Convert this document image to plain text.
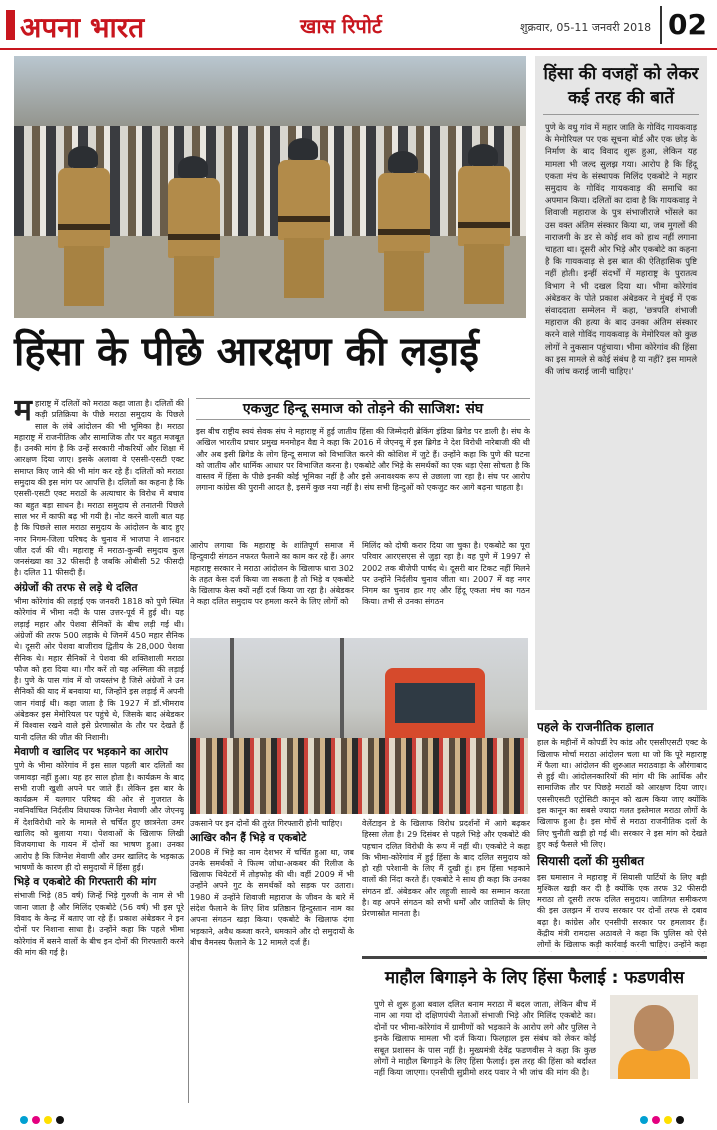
अपना भारत	खास रिपोर्ट	शुक्रवार, 05-11 जनवरी 2018 02
हिंसा की वजहों को लेकर कई तरह की बातें

पुणे के वधु गांव में महार जाति के गोविंद गायकवाड़ के मेमोरियल पर एक सूचना बोर्ड और एक छोड़ के निर्माण के बाद विवाद शुरू हुआ, लेकिन यह मामला भी जल्द सुलझ गया। आरोप है कि हिंदू एकता मंच के संस्थापक मिलिंद एकबोटे ने महार समुदाय के गोविंद गायकवाड़ की समाधि का अपमान किया। दलितों का दावा है कि गायकवाड़ ने शिवाजी महाराज के पुत्र संभाजीराजे भोंसले का उस वक्त अंतिम संस्कार किया था, जब मुगलों की नाराजगी के डर से कोई शव को हाथ नहीं लगाना चाहता था। दूसरी ओर भिड़े और एकबोटे का कहना है कि गायकवाड़ से इस बात की ऐतिहासिक पुष्टि नहीं होती। इन्हीं संदर्भों में महाराष्ट्र के पुरातत्व विभाग ने भी दखल दिया था। भीमा कोरेगांव अंबेडकर के पोते प्रकाश अंबेडकर ने मुंबई में एक संवाददाता सम्मेलन में कहा, 'छत्रपति शंभाजी महाराज की हत्या के बाद उनका अंतिम संस्कार करने वाले गोविंद गायकवाड़ के मेमोरियल को कुछ लोगों ने नुकसान पहुंचाया। भीमा कोरेगांव की हिंसा का इस मामले से कोई संबंध है या नहीं? इस मामले की जांच कराई जानी चाहिए।'

हिंसा के पीछे आरक्षण की लड़ाई
म हाराष्ट्र में दलितों को मराठा कहा जाता है। दलितों की कड़ी प्रतिक्रिया के पीछे मराठा समुदाय के पिछले साल के लंबे आंदोलन की भी भूमिका है। मराठा महाराष्ट्र में राजनीतिक और सामाजिक तौर पर बहुत मजबूत हैं। उनकी मांग है कि उन्हें सरकारी नौकरियों और शिक्षा में आरक्षण दिया जाए। इसके अलावा वे एससी-एसटी एक्ट समाप्त किए जाने की भी मांग कर रहे हैं। दलितों को मराठा समुदाय की इस मांग पर आपत्ति है। दलितों का कहना है कि एससी-एसटी एक्ट मराठों के अत्याचार के विरोध में बचाव का बहुत बड़ा साधन है। मराठा समुदाय से तनातनी पिछले साल भर में काफी बढ़ भी गयी है। नोट करने वाली बात यह है कि पिछले साल मराठा समुदाय के आंदोलन के बाद हुए नगर निगम-जिला परिषद के चुनाव में भाजपा ने शानदार जीत दर्ज की थी। महाराष्ट्र में मराठा-कुन्बी समुदाय कुल जनसंख्या का 32 फीसदी है जबकि ओबीसी 52 फीसदी है। दलित 11 फीसदी हैं।
अंग्रेजों की तरफ से लड़े थे दलित
भीमा कोरेगांव की लड़ाई एक जनवरी 1818 को पुणे स्थित कोरेगांव में भीमा नदी के पास उत्तर-पूर्व में हुई थी। यह लड़ाई महार और पेशवा सैनिकों के बीच लड़ी गई थी। अंग्रेजों की तरफ 500 लड़ाके थे जिनमें 450 महार सैनिक थे। दूसरी ओर पेशवा बाजीराव द्वितीय के 28,000 पेशवा सैनिक थे। महार सैनिकों ने पेशवा की शक्तिशाली मराठा फौज को हरा दिया था। गौर करें तो यह अस्मिता की लड़ाई है। पुणे के पास गांव में वो जयस्तंभ है जिसे अंग्रेजों ने उन सैनिकों की याद में बनवाया था, जिन्होंने इस लड़ाई में अपनी जान गंवाई थी। कहा जाता है कि 1927 में डॉ.भीमराव अंबेडकर इस मेमोरियल पर पहुंचे थे, जिसके बाद अंबेडकर में विश्वास रखने वाले इसे प्रेरणास्रोत के तौर पर देखते हैं यानी दलित की जीत की निशानी।
मेवाणी व खालिद पर भड़काने का आरोप
पुणे के भीमा कोरेगांव में इस साल पहली बार दलितों का जमावड़ा नहीं हुआ। यह हर साल होता है। कार्यक्रम के बाद सभी राजी खुशी अपने घर जाते हैं। लेकिन इस बार के कार्यक्रम में यलगार परिषद की ओर से गुजरात के नवनिर्वाचित निर्दलीय विधायक जिग्नेश मेवाणी और जेएनयू में देशविरोधी नारे के मामले से चर्चित हुए छात्रनेता उमर खालिद को बुलाया गया। पेशवाओं के खिलाफ लिखी विजयगाथा के गायन में दोनों का भाषण हुआ। उनका आरोप है कि जिग्नेश मेवाणी और उमर खालिद के भड़काऊ भाषणों के कारण ही दो समुदायों में हिंसा हुई।
भिड़े व एकबोटे की गिरफ्तारी की मांग
संभाजी भिड़े (85 वर्ष) जिन्हें भिड़े गुरुजी के नाम से भी जाना जाता है और मिलिंद एकबोटे (56 वर्ष) भी इस पूरे विवाद के केन्द्र में बताए जा रहे हैं। प्रकाश अंबेडकर ने इन दोनों पर निशाना साधा है। उन्होंने कहा कि पहले भीमा कोरेगांव में बसने वालों के बीच इन दोनों की गिरफ्तारी करने की मांग की गई है।
एकजुट हिन्दू समाज को तोड़ने की साजिश: संघ
इस बीच राष्ट्रीय स्वयं सेवक संघ ने महाराष्ट्र में हुई जातीय हिंसा की जिम्मेदारी ब्रेकिंग इंडिया ब्रिगेड पर डाली है। संघ के अखिल भारतीय प्रचार प्रमुख मनमोहन वैद्य ने कहा कि 2016 में जेएनयू में इस ब्रिगेड ने देश विरोधी नारेबाजी की थी और अब इसी ब्रिगेड के लोग हिन्दू समाज को विभाजित करने की कोशिश में जुटे हैं। उन्होंने कहा कि पुणे की घटना को जातीय और धार्मिक आधार पर विभाजित करना है। एकबोटे और भिड़े के समर्थकों का एक धड़ा ऐसा सोचता है कि वास्तव में हिंसा के पीछे इनकी कोई भूमिका नहीं है और इसे अनावश्यक रूप से उछाला जा रहा है। संघ पर आरोप लगाना कांग्रेस की पुरानी आदत है, इसमें कुछ नया नहीं है। संघ सभी हिन्दुओं को एकजुट कर आगे बढ़ना चाहता है।
आरोप लगाया कि महाराष्ट्र के शांतिपूर्ण समाज में हिन्दुवादी संगठन नफरत फैलाने का काम कर रहे हैं। अगर महाराष्ट्र सरकार ने मराठा आंदोलन के खिलाफ धारा 302 के तहत केस दर्ज किया जा सकता है तो भिड़े व एकबोटे के खिलाफ केस क्यों नहीं दर्ज किया जा रहा है। अंबेडकर ने कहा दलित समुदाय पर हमला करने के लिए लोगों को
मिलिंद को दोषी करार दिया जा चुका है। एकबोटे का पूरा परिवार आरएसएस से जुड़ा रहा है। वह पुणे में 1997 से 2002 तक बीजेपी पार्षद थे। दूसरी बार टिकट नहीं मिलने पर उन्होंने निर्दलीय चुनाव जीता था। 2007 में वह नगर निगम का चुनाव हार गए और हिंदू एकता मंच का गठन किया। तभी से उनका संगठन
उकसाने पर इन दोनों की तुरंत गिरफ्तारी होनी चाहिए।
आखिर कौन हैं भिड़े व एकबोटे
2008 में भिड़े का नाम देशभर में चर्चित हुआ था, जब उनके समर्थकों ने फिल्म जोधा-अकबर की रिलीज के खिलाफ थियेटरों में तोड़फोड़ की थी। वहीं 2009 में भी उन्होंने अपने गुट के समर्थकों को सड़क पर उतारा। 1980 में उन्होंने शिवाजी महाराज के जीवन के बारे में संदेश फैलाने के लिए शिव प्रतिष्ठान हिन्दुस्तान नाम का अपना संगठन खड़ा किया। एकबोटे के खिलाफ दंगा भड़काने, अवैध कब्जा करने, धमकाने और दो समुदायों के बीच वैमनस्य फैलाने के 12 मामले दर्ज हैं।
वेलेंटाइन डे के खिलाफ विरोध प्रदर्शनों में आगे बढ़कर हिस्सा लेता है। 29 दिसंबर से पहले भिड़े और एकबोटे की पहचान दलित विरोधी के रूप में नहीं थी। एकबोटे ने कहा कि भीमा-कोरेगांव में हुई हिंसा के बाद दलित समुदाय को हो रही परेशानी के लिए मैं दुखी हूं। हम हिंसा भड़काने वालों की निंदा करते हैं। एकबोटे ने साथ ही कहा कि उनका संगठन डॉ. अंबेडकर और लहूजी साल्वे का सम्मान करता है। वह अपने संगठन को सभी धर्मों और जातियों के लिए प्रेरणास्रोत मानता है।
पहले के राजनीतिक हालात
हाल के महीनों में कोपर्डी रेप कांड और एससीएसटी एक्ट के खिलाफ मोर्चा मराठा आंदोलन चला था जो कि पूरे महाराष्ट्र में फैला था। आंदोलन की शुरुआत मराठवाड़ा के औरंगाबाद से हुई थी। आंदोलनकारियों की मांग थी कि आर्थिक और सामाजिक तौर पर पिछड़े मराठों को आरक्षण दिया जाए। एससीएसटी एट्रोसिटी कानून को खत्म किया जाए क्योंकि इस कानून का सबसे ज्यादा गलत इस्तेमाल मराठा लोगों के खिलाफ हुआ है। इस मोर्चे से मराठा राजनीतिक दलों के लिए चुनौती खड़ी हो गई थी। सरकार ने इस मांग को देखते हुए कई फैसले भी लिए।
सियासी दलों की मुसीबत
इस घमासान ने महाराष्ट्र में सियासी पार्टियों के लिए बड़ी मुश्किल खड़ी कर दी है क्योंकि एक तरफ 32 फीसदी मराठा तो दूसरी तरफ दलित समुदाय। जातिगत समीकरण की इस उलझन में राज्य सरकार पर दोनों तरफ से दबाव बढ़ा है। कांग्रेस और एनसीपी सरकार पर हमलावर हैं। केंद्रीय मंत्री रामदास अठावले ने कहा कि पुलिस को ऐसे लोगों के खिलाफ कड़ी कार्रवाई करनी चाहिए। उन्होंने कहा
माहौल बिगाड़ने के लिए हिंसा फैलाई : फडणवीस

पुणे से शुरू हुआ बवाल दलित बनाम मराठा में बदल जाता, लेकिन बीच में नाम आ गया दो दक्षिणपंथी नेताओं संभाजी भिड़े और मिलिंद एकबोटे का। दोनों पर भीमा-कोरेगांव में ग्रामीणों को भड़काने के आरोप लगे और पुलिस ने इनके खिलाफ मामला भी दर्ज किया। फिलहाल इस संबंध को लेकर कोई सबूत प्रशासन के पास नहीं है। मुख्यमंत्री देवेंद्र फडणवीस ने कहा कि कुछ लोगों ने माहौल बिगाड़ने के लिए हिंसा फैलाई। इस तरह की हिंसा को बर्दाश्त नहीं किया जाएगा। एनसीपी सुप्रीमो शरद पवार ने भी जांच की मांग की है।
